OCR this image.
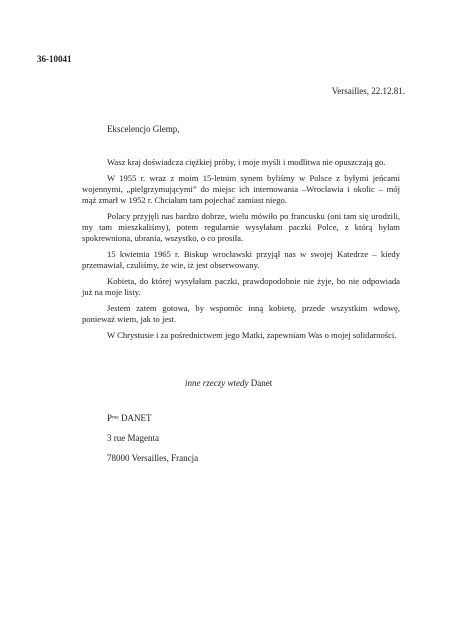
36-10041
Versailles, 22.12.81.
Ekscelencjo Glemp,

Wasz kraj doświadcza ciężkiej próby, i moje myśli i modlitwa nie opuszczają go.

W 1955 r. wraz z moim 15-letnim synem byliśmy w Polsce z byłymi jeńcami wojennymi, „pielgrzymującymi” do miejsc ich internowania –Wrocławia i okolic – mój mąż zmarł w 1952 r. Chciałam tam pojechać zamiast niego.

Polacy przyjęli nas bardzo dobrze, wielu mówiło po francusku (oni tam się urodzili, my tam mieszkaliśmy), potem regularnie wysyłałam paczki Polce, z którą byłam spokrewniona, ubrania, wszystko, o co prosiła.

15 kwietnia 1965 r. Biskup wrocławski przyjął nas w swojej Katedrze – kiedy przemawiał, czuliśmy, że wie, iż jest obserwowany.

Kobieta, do której wysyłałam paczki, prawdopodobnie nie żyje, bo nie odpowiada już na moje listy.

Jestem zatem gotowa, by wspomóc inną kobietę, przede wszystkim wdowę, ponieważ wiem, jak to jest.

W Chrystusie i za pośrednictwem jego Matki, zapewniam Was o mojej solidarności.

inne rzeczy wtedy Danet
Pᵐᵉ DANET
3 rue Magenta
78000 Versailles, Francja
